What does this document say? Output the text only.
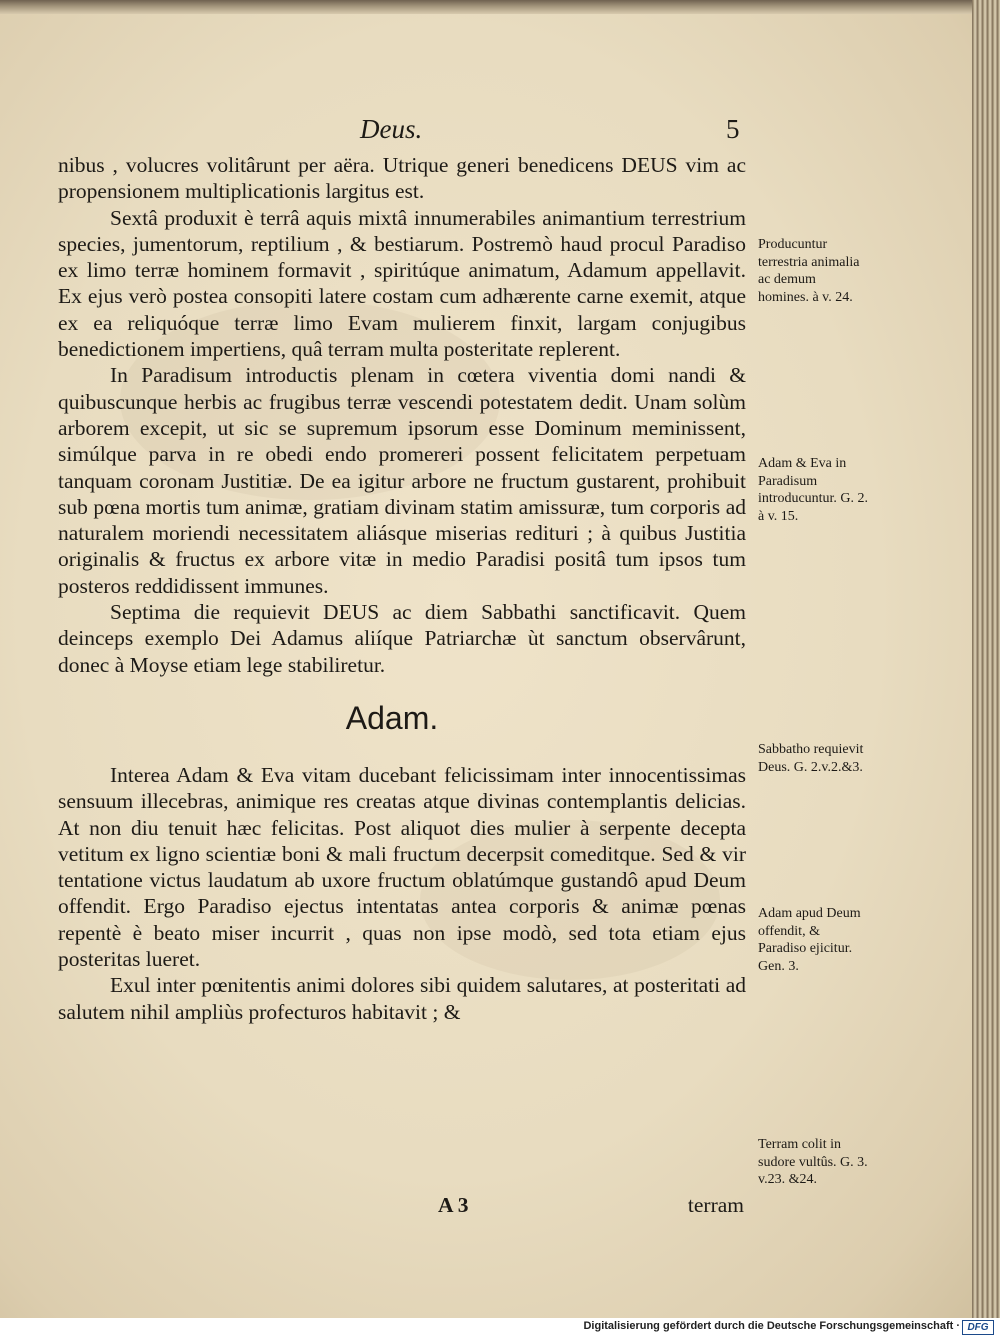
Deus.	5

nibus , volucres volitârunt per aëra. Utrique generi benedicens DEUS vim ac propensionem multiplicationis largitus est.

Sextâ produxit è terrâ aquis mixtâ innumerabiles animantium terrestrium species, jumentorum, reptilium , & bestiarum. Postremò haud procul Paradiso ex limo terræ hominem formavit , spiritúque animatum, Adamum appellavit. Ex ejus verò postea consopiti latere costam cum adhærente carne exemit, atque ex ea reliquóque terræ limo Evam mulierem finxit, largam conjugibus benedictionem impertiens, quâ terram multa posteritate replerent.

In Paradisum introductis plenam in cœtera viventia domi nandi & quibuscunque herbis ac frugibus terræ vescendi potestatem dedit. Unam solùm arborem excepit, ut sic se supremum ipsorum esse Dominum meminissent, simúlque parva in re obedi endo promereri possent felicitatem perpetuam tanquam coronam Justitiæ. De ea igitur arbore ne fructum gustarent, prohibuit sub pœna mortis tum animæ, gratiam divinam statim amissuræ, tum corporis ad naturalem moriendi necessitatem aliásque miserias redituri ; à quibus Justitia originalis & fructus ex arbore vitæ in medio Paradisi positâ tum ipsos tum posteros reddidissent immunes.

Septima die requievit DEUS ac diem Sabbathi sanctificavit. Quem deinceps exemplo Dei Adamus aliíque Patriarchæ ùt sanctum observârunt, donec à Moyse etiam lege stabiliretur.

Adam.

Interea Adam & Eva vitam ducebant felicissimam inter innocentissimas sensuum illecebras, animique res creatas atque divinas contemplantis delicias. At non diu tenuit hæc felicitas. Post aliquot dies mulier à serpente decepta vetitum ex ligno scientiæ boni & mali fructum decerpsit comeditque. Sed & vir tentatione victus laudatum ab uxore fructum oblatúmque gustandô apud Deum offendit. Ergo Paradiso ejectus intentatas antea corporis & animæ pœnas repentè è beato miser incurrit , quas non ipse modò, sed tota etiam ejus posteritas lueret.

Exul inter pœnitentis animi dolores sibi quidem salutares, at posteritati ad salutem nihil ampliùs profecturos habitavit ; &

A 3	terram
Producuntur terrestria animalia ac demum homines. à v. 24.
Adam & Eva in Paradisum introducuntur. G. 2. à v. 15.
Sabbatho requievit Deus. G. 2.v.2.&3.
Adam apud Deum offendit, & Paradiso ejicitur. Gen. 3.
Terram colit in sudore vultûs. G. 3. v.23. &24.
Digitalisierung gefördert durch die Deutsche Forschungsgemeinschaft · DFG
